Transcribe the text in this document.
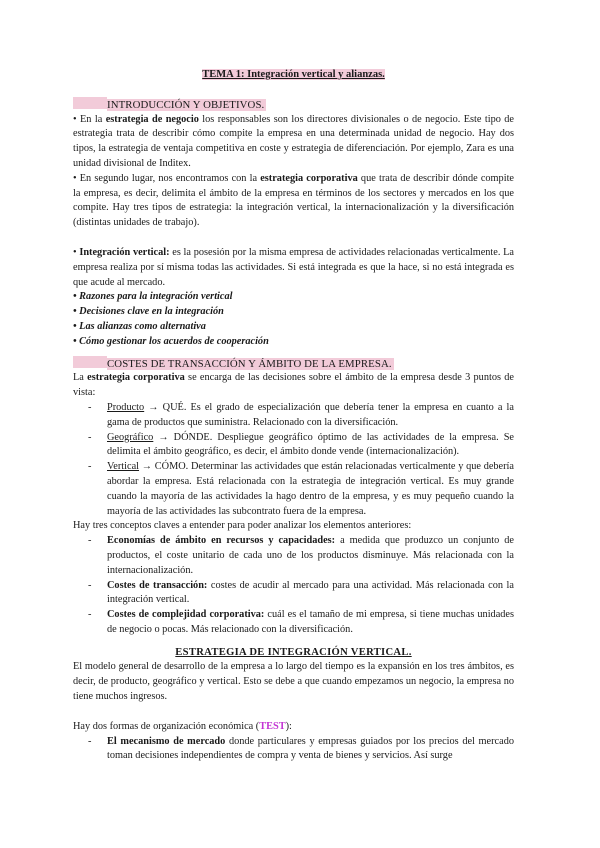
TEMA 1: Integración vertical y alianzas.

INTRODUCCIÓN Y OBJETIVOS.

• En la estrategia de negocio los responsables son los directores divisionales o de negocio. Este tipo de estrategia trata de describir cómo compite la empresa en una determinada unidad de negocio. Hay dos tipos, la estrategia de ventaja competitiva en coste y estrategia de diferenciación. Por ejemplo, Zara es una unidad divisional de Inditex.

• En segundo lugar, nos encontramos con la estrategia corporativa que trata de describir dónde compite la empresa, es decir, delimita el ámbito de la empresa en términos de los sectores y mercados en los que compite. Hay tres tipos de estrategia: la integración vertical, la internacionalización y la diversificación (distintas unidades de trabajo).

• Integración vertical: es la posesión por la misma empresa de actividades relacionadas verticalmente. La empresa realiza por sí misma todas las actividades. Si está integrada es que la hace, si no está integrada es que acude al mercado.

• Razones para la integración vertical
• Decisiones clave en la integración
• Las alianzas como alternativa
• Cómo gestionar los acuerdos de cooperación

COSTES DE TRANSACCIÓN Y ÁMBITO DE LA EMPRESA.

La estrategia corporativa se encarga de las decisiones sobre el ámbito de la empresa desde 3 puntos de vista:

- Producto → QUÉ. Es el grado de especialización que debería tener la empresa en cuanto a la gama de productos que suministra. Relacionado con la diversificación.
- Geográfico → DÓNDE. Despliegue geográfico óptimo de las actividades de la empresa. Se delimita el ámbito geográfico, es decir, el ámbito donde vende (internacionalización).
- Vertical → CÓMO. Determinar las actividades que están relacionadas verticalmente y que debería abordar la empresa. Está relacionada con la estrategia de integración vertical. Es muy grande cuando la mayoría de las actividades la hago dentro de la empresa, y es muy pequeño cuando la mayoría de las actividades las subcontrato fuera de la empresa.

Hay tres conceptos claves a entender para poder analizar los elementos anteriores:

- Economías de ámbito en recursos y capacidades: a medida que produzco un conjunto de productos, el coste unitario de cada uno de los productos disminuye. Más relacionada con la internacionalización.
- Costes de transacción: costes de acudir al mercado para una actividad. Más relacionada con la integración vertical.
- Costes de complejidad corporativa: cuál es el tamaño de mi empresa, si tiene muchas unidades de negocio o pocas. Más relacionado con la diversificación.

ESTRATEGIA DE INTEGRACIÓN VERTICAL.

El modelo general de desarrollo de la empresa a lo largo del tiempo es la expansión en los tres ámbitos, es decir, de producto, geográfico y vertical. Esto se debe a que cuando empezamos un negocio, la empresa no tiene muchos ingresos.

Hay dos formas de organización económica (TEST):

- El mecanismo de mercado donde particulares y empresas guiados por los precios del mercado toman decisiones independientes de compra y venta de bienes y servicios. Así surge
